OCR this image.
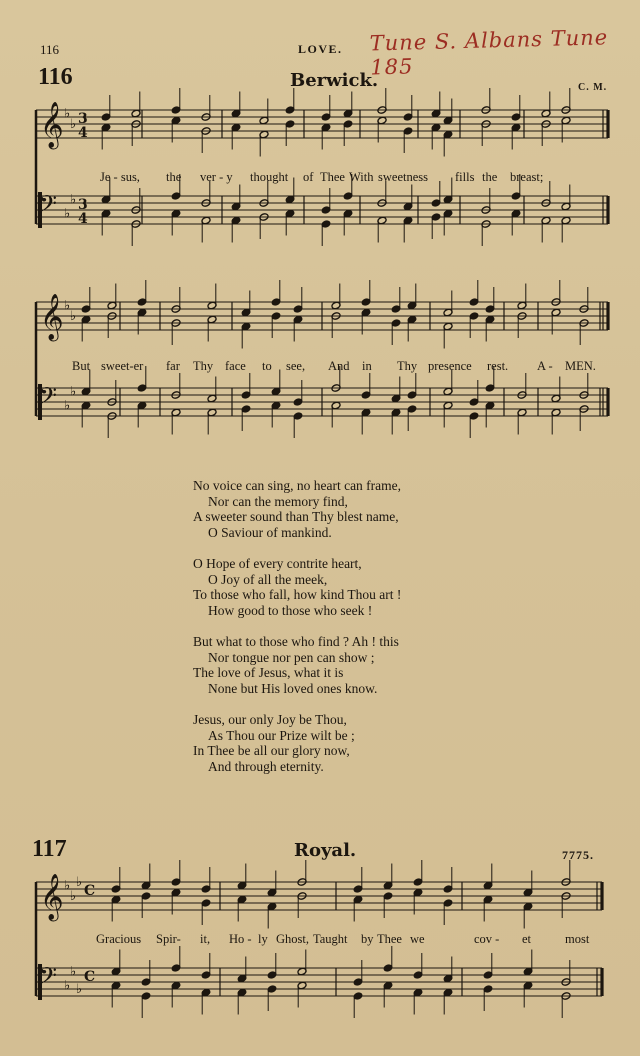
116	LOVE. Tune S. Albans Tune 185
116	Berwick.	C. M.
𝄞 ♭
♭ 3
4
𝄢 ♭
♭ 3
4
Je - sus, the ver - y thought of Thee With sweetness fills the breast;
𝄞 ♭
♭
𝄢 ♭
♭
But sweet-er far Thy face to see, And in Thy presence rest. A - MEN.
No voice can sing, no heart can frame,
Nor can the memory find,
A sweeter sound than Thy blest name,
O Saviour of mankind.
O Hope of every contrite heart,
O Joy of all the meek,
To those who fall, how kind Thou art !
How good to those who seek !
But what to those who find ? Ah ! this
Nor tongue nor pen can show ;
The love of Jesus, what it is
None but His loved ones know.
Jesus, our only Joy be Thou,
As Thou our Prize wilt be ;
In Thee be all our glory now,
And through eternity.
117	Royal.	7775.
𝄞 ♭
♭
♭
C
𝄢 ♭
♭
♭
C
Gracious Spir- it, Ho - ly Ghost, Taught by Thee we	cov - et	most
